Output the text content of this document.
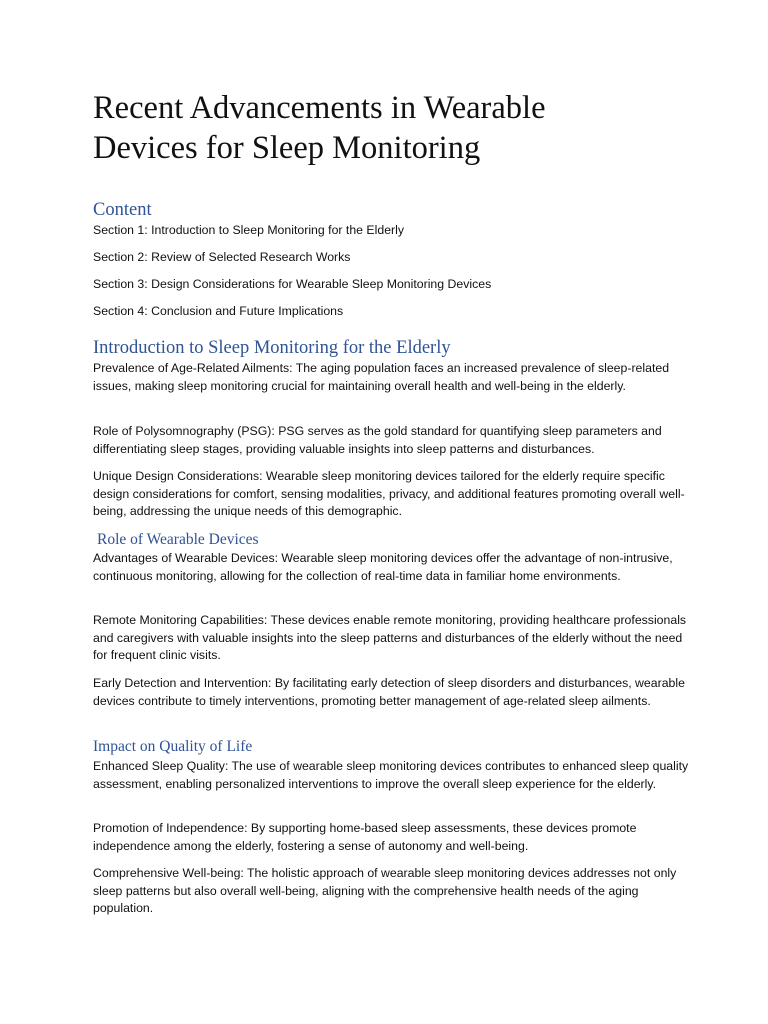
Recent Advancements in Wearable
Devices for Sleep Monitoring
Content

Section 1: Introduction to Sleep Monitoring for the Elderly

Section 2: Review of Selected Research Works

Section 3: Design Considerations for Wearable Sleep Monitoring Devices

Section 4: Conclusion and Future Implications

Introduction to Sleep Monitoring for the Elderly

Prevalence of Age-Related Ailments: The aging population faces an increased prevalence of sleep-related issues, making sleep monitoring crucial for maintaining overall health and well-being in the elderly.

Role of Polysomnography (PSG): PSG serves as the gold standard for quantifying sleep parameters and differentiating sleep stages, providing valuable insights into sleep patterns and disturbances.

Unique Design Considerations: Wearable sleep monitoring devices tailored for the elderly require specific design considerations for comfort, sensing modalities, privacy, and additional features promoting overall well-being, addressing the unique needs of this demographic.

Role of Wearable Devices

Advantages of Wearable Devices: Wearable sleep monitoring devices offer the advantage of non-intrusive, continuous monitoring, allowing for the collection of real-time data in familiar home environments.

Remote Monitoring Capabilities: These devices enable remote monitoring, providing healthcare professionals and caregivers with valuable insights into the sleep patterns and disturbances of the elderly without the need for frequent clinic visits.

Early Detection and Intervention: By facilitating early detection of sleep disorders and disturbances, wearable devices contribute to timely interventions, promoting better management of age-related sleep ailments.

Impact on Quality of Life

Enhanced Sleep Quality: The use of wearable sleep monitoring devices contributes to enhanced sleep quality assessment, enabling personalized interventions to improve the overall sleep experience for the elderly.

Promotion of Independence: By supporting home-based sleep assessments, these devices promote independence among the elderly, fostering a sense of autonomy and well-being.

Comprehensive Well-being: The holistic approach of wearable sleep monitoring devices addresses not only sleep patterns but also overall well-being, aligning with the comprehensive health needs of the aging population.
